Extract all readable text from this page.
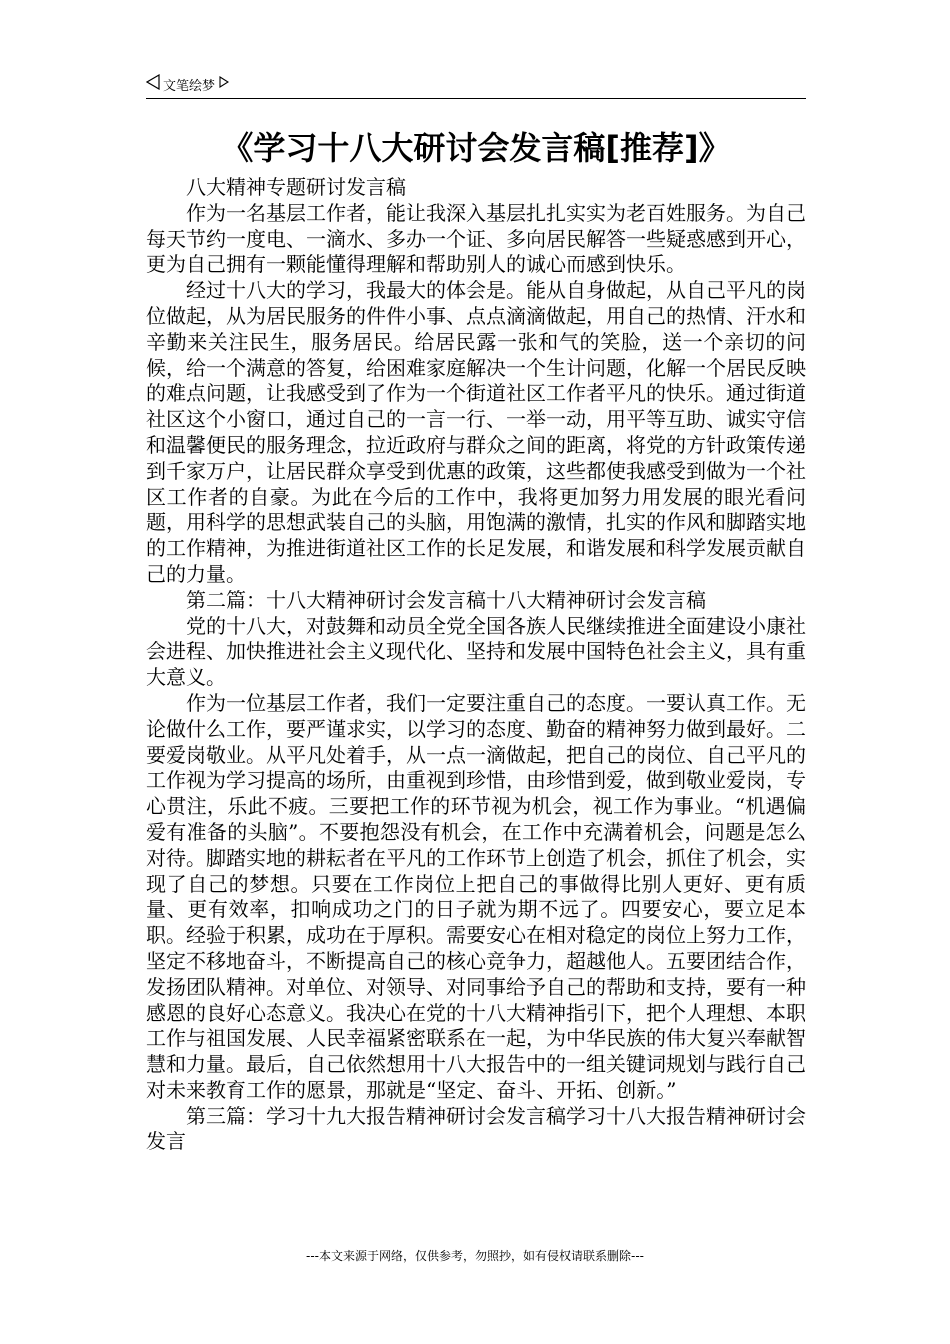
文笔绘梦
《学习十八大研讨会发言稿[推荐]》

八大精神专题研讨发言稿

作为一名基层工作者，能让我深入基层扎扎实实为老百姓服务。为自己每天节约一度电、一滴水、多办一个证、多向居民解答一些疑惑感到开心，更为自己拥有一颗能懂得理解和帮助别人的诚心而感到快乐。

经过十八大的学习，我最大的体会是。能从自身做起，从自己平凡的岗位做起，从为居民服务的件件小事、点点滴滴做起，用自己的热情、汗水和辛勤来关注民生，服务居民。给居民露一张和气的笑脸，送一个亲切的问候，给一个满意的答复，给困难家庭解决一个生计问题，化解一个居民反映的难点问题，让我感受到了作为一个街道社区工作者平凡的快乐。通过街道社区这个小窗口，通过自己的一言一行、一举一动，用平等互助、诚实守信和温馨便民的服务理念，拉近政府与群众之间的距离，将党的方针政策传递到千家万户，让居民群众享受到优惠的政策，这些都使我感受到做为一个社区工作者的自豪。为此在今后的工作中，我将更加努力用发展的眼光看问题，用科学的思想武装自己的头脑，用饱满的激情，扎实的作风和脚踏实地的工作精神，为推进街道社区工作的长足发展，和谐发展和科学发展贡献自己的力量。

第二篇：十八大精神研讨会发言稿十八大精神研讨会发言稿

党的十八大，对鼓舞和动员全党全国各族人民继续推进全面建设小康社会进程、加快推进社会主义现代化、坚持和发展中国特色社会主义，具有重大意义。

作为一位基层工作者，我们一定要注重自己的态度。一要认真工作。无论做什么工作，要严谨求实，以学习的态度、勤奋的精神努力做到最好。二要爱岗敬业。从平凡处着手，从一点一滴做起，把自己的岗位、自己平凡的工作视为学习提高的场所，由重视到珍惜，由珍惜到爱，做到敬业爱岗，专心贯注，乐此不疲。三要把工作的环节视为机会，视工作为事业。“机遇偏爱有准备的头脑”。不要抱怨没有机会，在工作中充满着机会，问题是怎么对待。脚踏实地的耕耘者在平凡的工作环节上创造了机会，抓住了机会，实现了自己的梦想。只要在工作岗位上把自己的事做得比别人更好、更有质量、更有效率，扣响成功之门的日子就为期不远了。四要安心，要立足本职。经验于积累，成功在于厚积。需要安心在相对稳定的岗位上努力工作，坚定不移地奋斗，不断提高自己的核心竞争力，超越他人。五要团结合作，发扬团队精神。对单位、对领导、对同事给予自己的帮助和支持，要有一种感恩的良好心态意义。我决心在党的十八大精神指引下，把个人理想、本职工作与祖国发展、人民幸福紧密联系在一起，为中华民族的伟大复兴奉献智慧和力量。最后，自己依然想用十八大报告中的一组关键词规划与践行自己对未来教育工作的愿景，那就是“坚定、奋斗、开拓、创新。”

第三篇：学习十九大报告精神研讨会发言稿学习十八大报告精神研讨会发言

---本文来源于网络，仅供参考，勿照抄，如有侵权请联系删除---
